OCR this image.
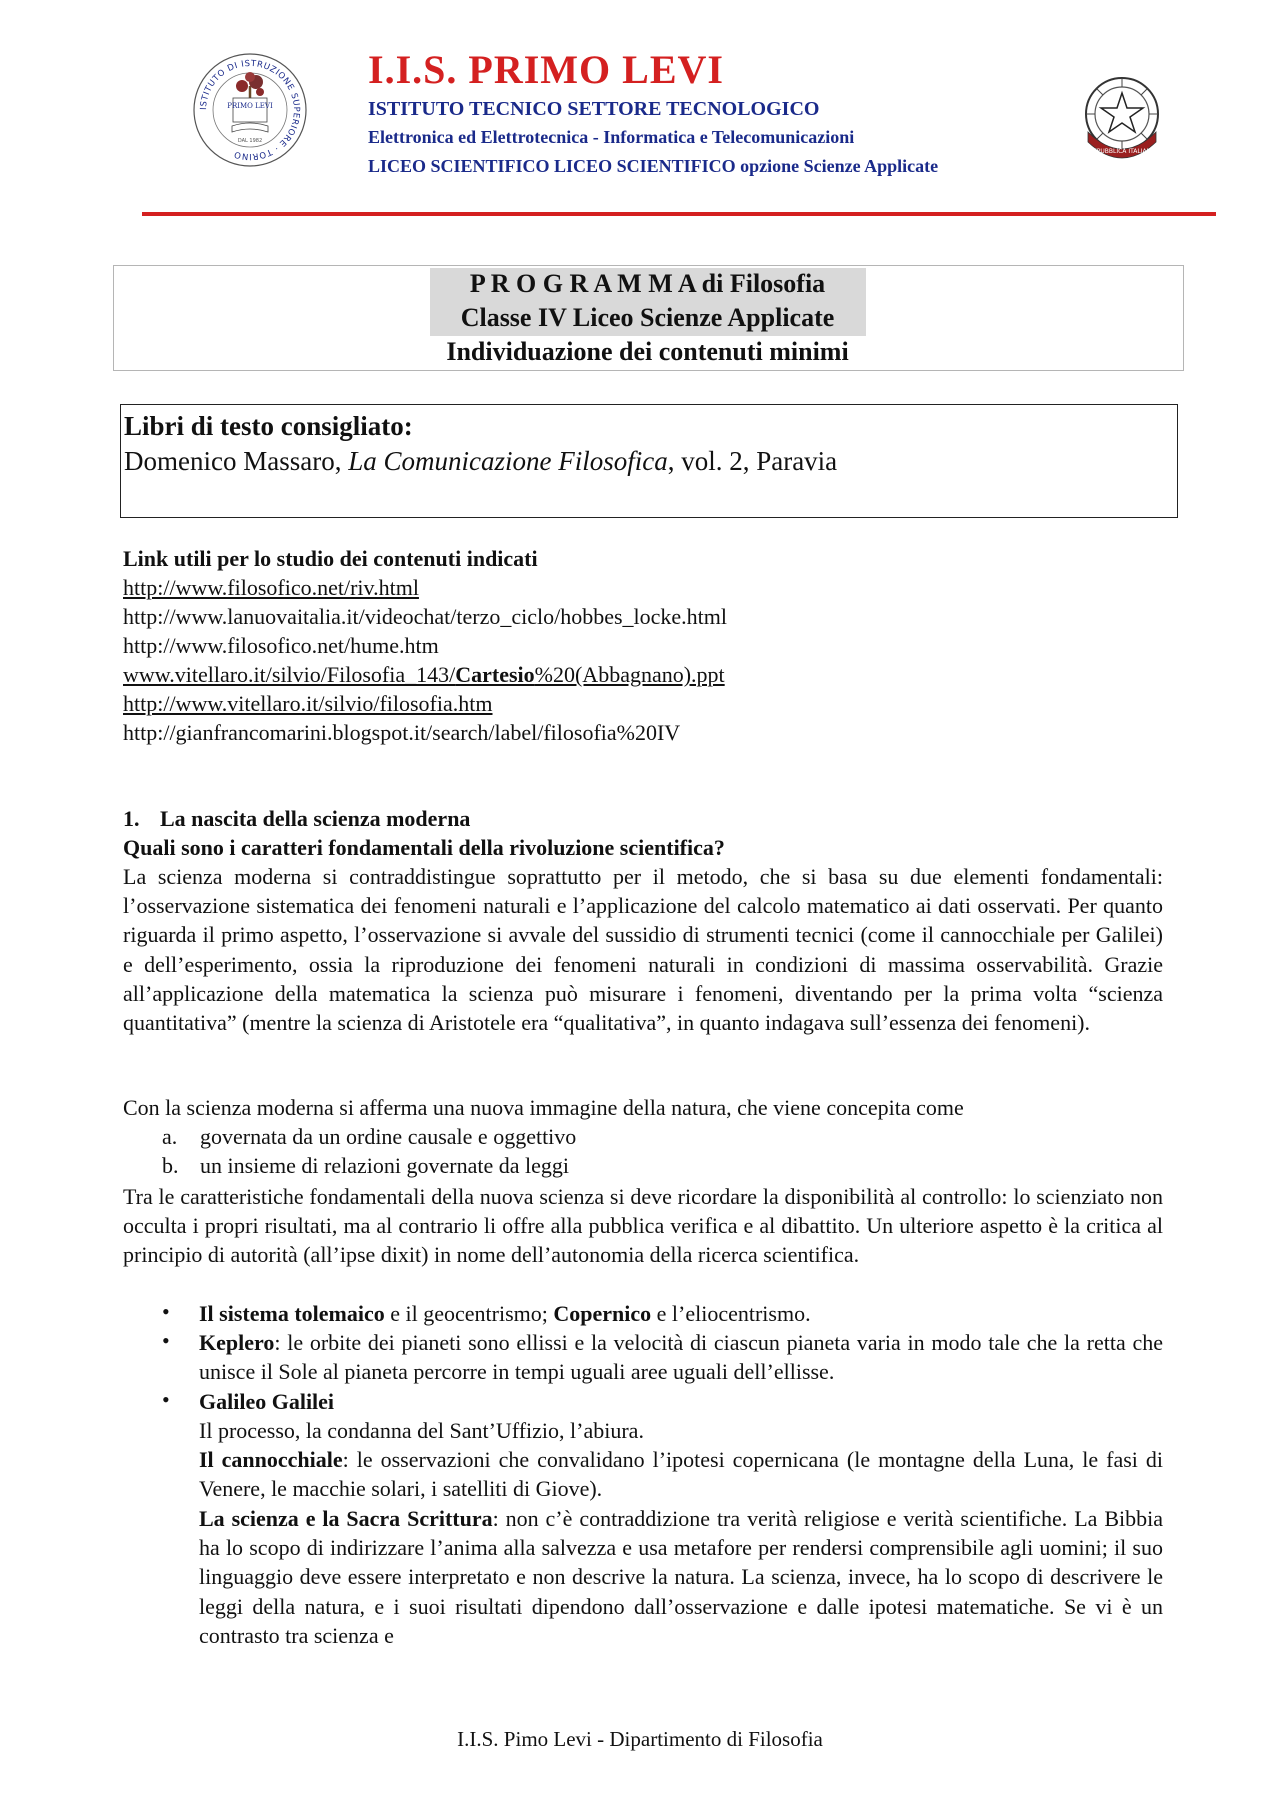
ISTITUTO DI ISTRUZIONE SUPERIORE · TORINO
PRIMO LEVI
DAL 1982
I.I.S. PRIMO LEVI

ISTITUTO TECNICO SETTORE TECNOLOGICO

Elettronica ed Elettrotecnica - Informatica e Telecomunicazioni

LICEO SCIENTIFICO LICEO SCIENTIFICO opzione Scienze Applicate

REPUBBLICA ITALIANA

P R O G R A M M A di Filosofia

Classe IV Liceo Scienze Applicate

Individuazione dei contenuti minimi

Libri di testo consigliato:

Domenico Massaro, La Comunicazione Filosofica, vol. 2, Paravia

Link utili per lo studio dei contenuti indicati

http://www.filosofico.net/riv.html
http://www.lanuovaitalia.it/videochat/terzo_ciclo/hobbes_locke.html
http://www.filosofico.net/hume.htm
www.vitellaro.it/silvio/Filosofia_143/Cartesio%20(Abbagnano).ppt
http://www.vitellaro.it/silvio/filosofia.htm
http://gianfrancomarini.blogspot.it/search/label/filosofia%20IV

1. La nascita della scienza moderna

Quali sono i caratteri fondamentali della rivoluzione scientifica?

La scienza moderna si contraddistingue soprattutto per il metodo, che si basa su due elementi fondamentali: l’osservazione sistematica dei fenomeni naturali e l’applicazione del calcolo matematico ai dati osservati. Per quanto riguarda il primo aspetto, l’osservazione si avvale del sussidio di strumenti tecnici (come il cannocchiale per Galilei) e dell’esperimento, ossia la riproduzione dei fenomeni naturali in condizioni di massima osservabilità. Grazie all’applicazione della matematica la scienza può misurare i fenomeni, diventando per la prima volta “scienza quantitativa” (mentre la scienza di Aristotele era “qualitativa”, in quanto indagava sull’essenza dei fenomeni).

Con la scienza moderna si afferma una nuova immagine della natura, che viene concepita come

a. governata da un ordine causale e oggettivo

b. un insieme di relazioni governate da leggi

Tra le caratteristiche fondamentali della nuova scienza si deve ricordare la disponibilità al controllo: lo scienziato non occulta i propri risultati, ma al contrario li offre alla pubblica verifica e al dibattito. Un ulteriore aspetto è la critica al principio di autorità (all’ipse dixit) in nome dell’autonomia della ricerca scientifica.

• Il sistema tolemaico e il geocentrismo; Copernico e l’eliocentrismo.

• Keplero: le orbite dei pianeti sono ellissi e la velocità di ciascun pianeta varia in modo tale che la retta che unisce il Sole al pianeta percorre in tempi uguali aree uguali dell’ellisse.

• Galileo Galilei

Il processo, la condanna del Sant’Uffizio, l’abiura.

Il cannocchiale: le osservazioni che convalidano l’ipotesi copernicana (le montagne della Luna, le fasi di Venere, le macchie solari, i satelliti di Giove).

La scienza e la Sacra Scrittura: non c’è contraddizione tra verità religiose e verità scientifiche. La Bibbia ha lo scopo di indirizzare l’anima alla salvezza e usa metafore per rendersi comprensibile agli uomini; il suo linguaggio deve essere interpretato e non descrive la natura. La scienza, invece, ha lo scopo di descrivere le leggi della natura, e i suoi risultati dipendono dall’osservazione e dalle ipotesi matematiche. Se vi è un contrasto tra scienza e

I.I.S. Pimo Levi - Dipartimento di Filosofia
